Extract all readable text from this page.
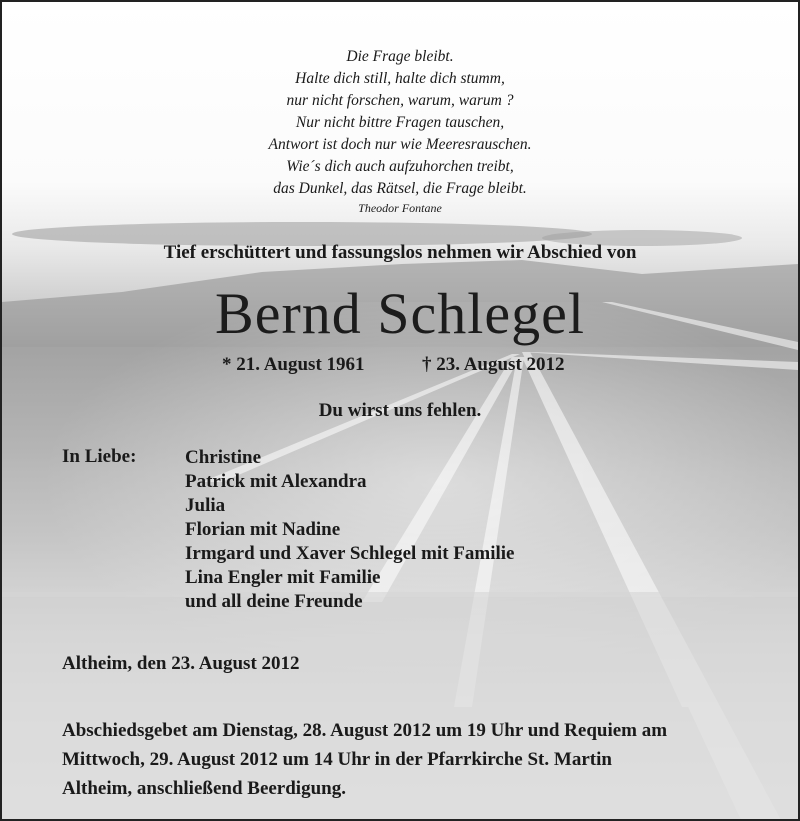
Die Frage bleibt.
Halte dich still, halte dich stumm,
nur nicht forschen, warum, warum ?
Nur nicht bittre Fragen tauschen,
Antwort ist doch nur wie Meeresrauschen.
Wie´s dich auch aufzuhorchen treibt,
das Dunkel, das Rätsel, die Frage bleibt.
Theodor Fontane
Tief erschüttert und fassungslos nehmen wir Abschied von
Bernd Schlegel
* 21. August 1961	† 23. August 2012
Du wirst uns fehlen.
In Liebe:	Christine
Patrick mit Alexandra
Julia
Florian mit Nadine
Irmgard und Xaver Schlegel mit Familie
Lina Engler mit Familie
und all deine Freunde
Altheim, den 23. August 2012
Abschiedsgebet am Dienstag, 28. August 2012 um 19 Uhr und Requiem am
Mittwoch, 29. August 2012 um 14 Uhr in der Pfarrkirche St. Martin
Altheim, anschließend Beerdigung.
